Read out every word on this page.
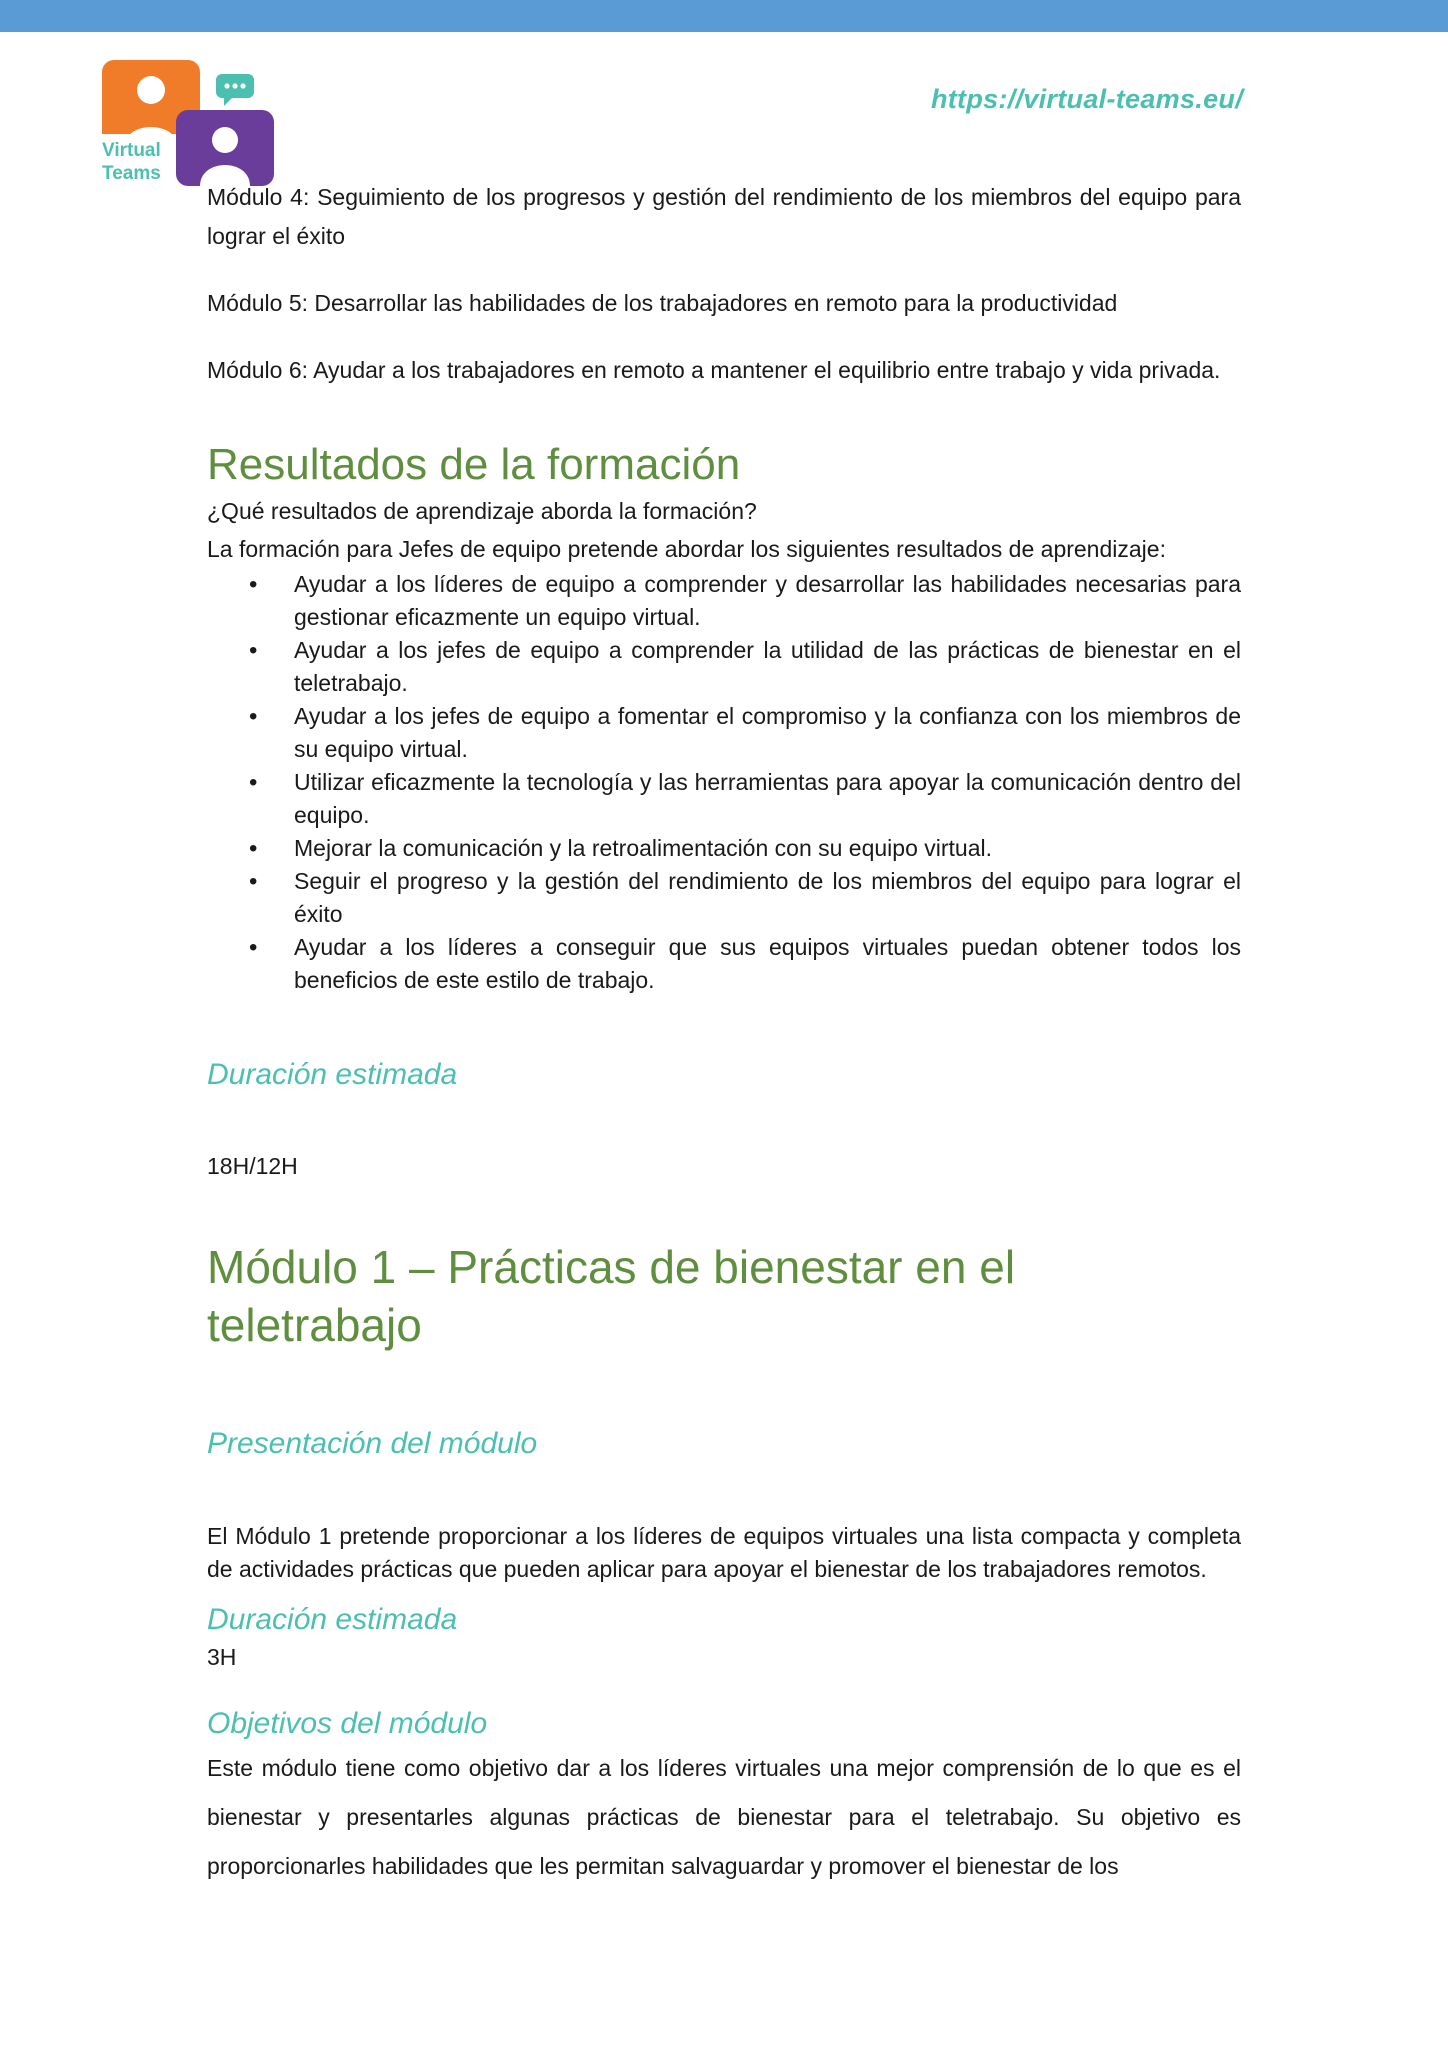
Virtual
Teams
https://virtual-teams.eu/

Módulo 4: Seguimiento de los progresos y gestión del rendimiento de los miembros del equipo para lograr el éxito

Módulo 5: Desarrollar las habilidades de los trabajadores en remoto para la productividad

Módulo 6: Ayudar a los trabajadores en remoto a mantener el equilibrio entre trabajo y vida privada.

Resultados de la formación

¿Qué resultados de aprendizaje aborda la formación?

La formación para Jefes de equipo pretende abordar los siguientes resultados de aprendizaje:

• Ayudar a los líderes de equipo a comprender y desarrollar las habilidades necesarias para gestionar eficazmente un equipo virtual.
• Ayudar a los jefes de equipo a comprender la utilidad de las prácticas de bienestar en el teletrabajo.
• Ayudar a los jefes de equipo a fomentar el compromiso y la confianza con los miembros de su equipo virtual.
• Utilizar eficazmente la tecnología y las herramientas para apoyar la comunicación dentro del equipo.
• Mejorar la comunicación y la retroalimentación con su equipo virtual.
• Seguir el progreso y la gestión del rendimiento de los miembros del equipo para lograr el éxito
• Ayudar a los líderes a conseguir que sus equipos virtuales puedan obtener todos los beneficios de este estilo de trabajo.
Duración estimada

18H/12H

Módulo 1 – Prácticas de bienestar en el teletrabajo
Presentación del módulo

El Módulo 1 pretende proporcionar a los líderes de equipos virtuales una lista compacta y completa de actividades prácticas que pueden aplicar para apoyar el bienestar de los trabajadores remotos.

Duración estimada

3H

Objetivos del módulo

Este módulo tiene como objetivo dar a los líderes virtuales una mejor comprensión de lo que es el bienestar y presentarles algunas prácticas de bienestar para el teletrabajo. Su objetivo es proporcionarles habilidades que les permitan salvaguardar y promover el bienestar de los
